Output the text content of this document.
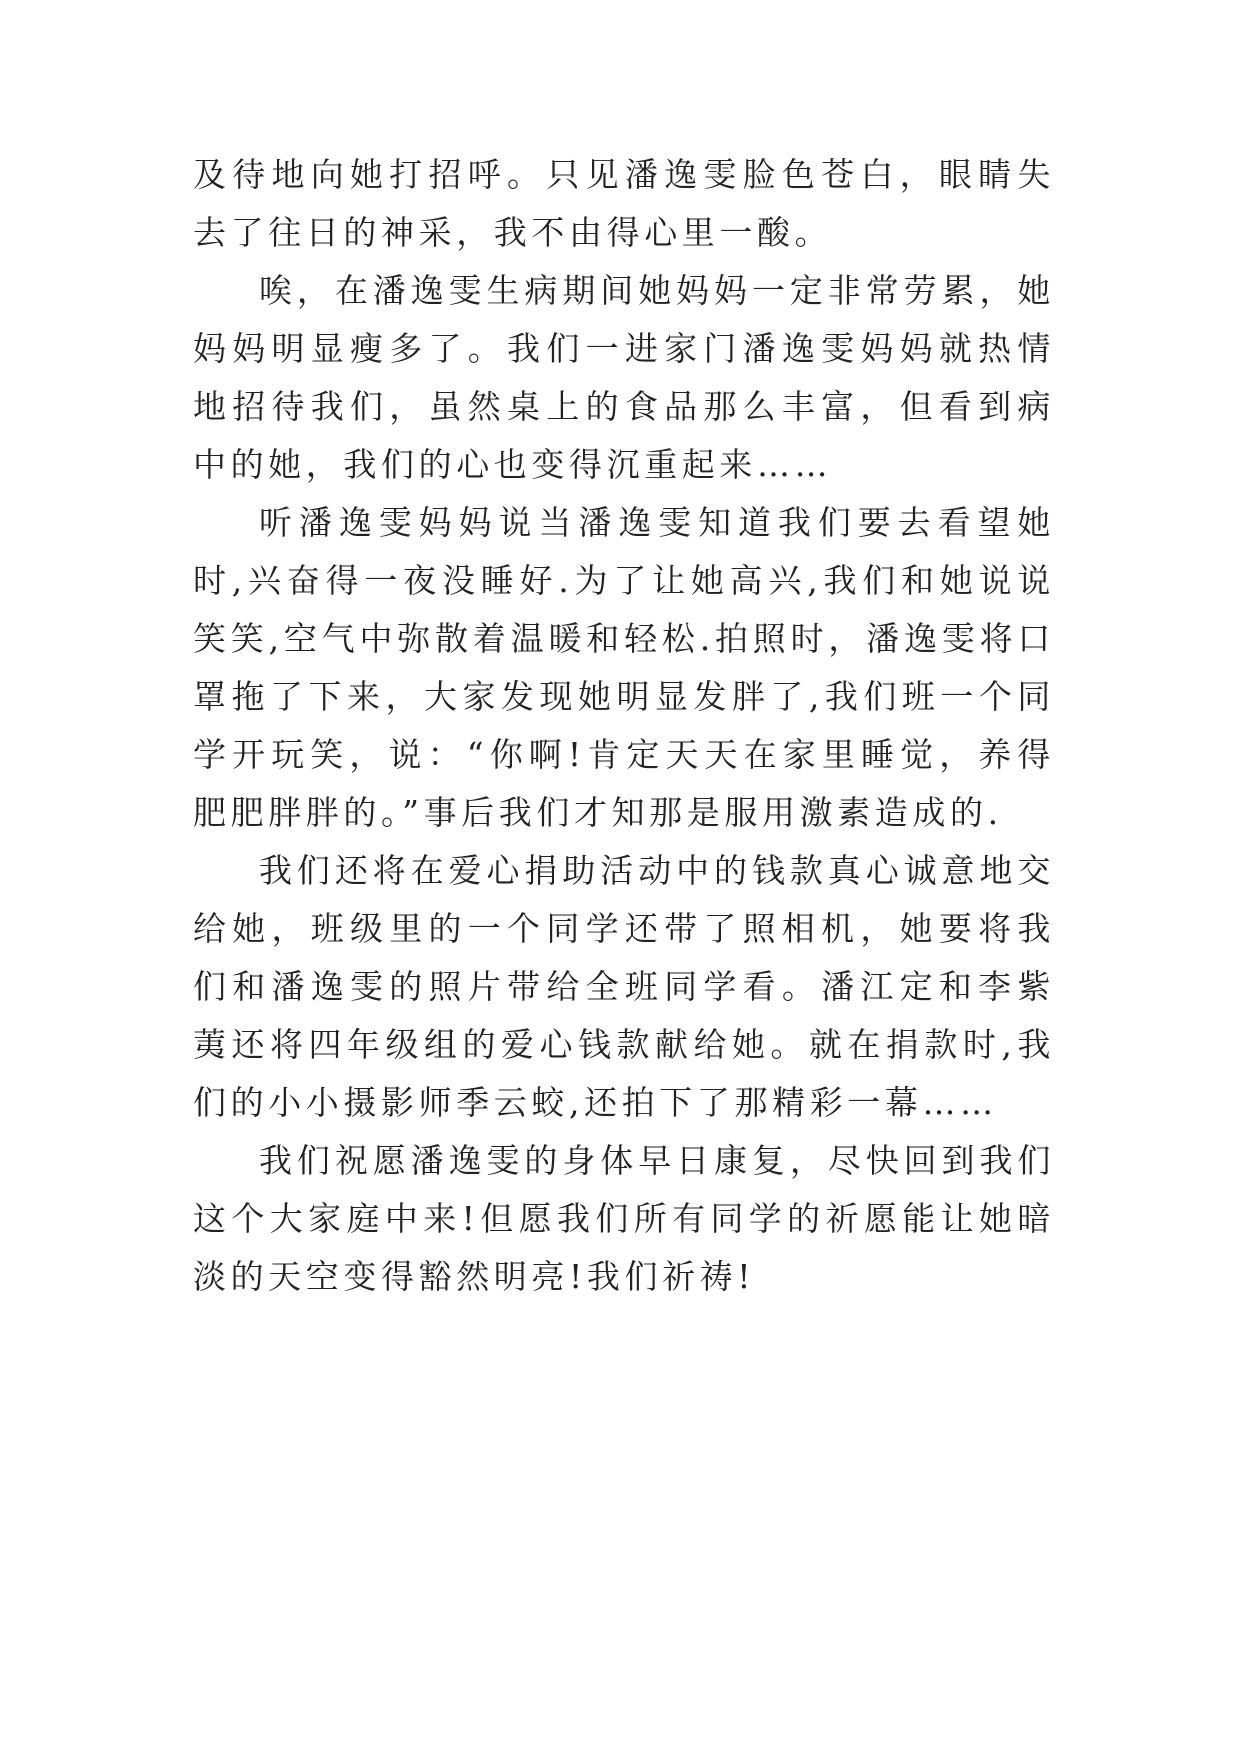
及待地向她打招呼。只见潘逸雯脸色苍白，眼睛失去了往日的神采，我不由得心里一酸。

唉，在潘逸雯生病期间她妈妈一定非常劳累，她妈妈明显瘦多了。我们一进家门潘逸雯妈妈就热情地招待我们，虽然桌上的食品那么丰富，但看到病中的她，我们的心也变得沉重起来……

听潘逸雯妈妈说当潘逸雯知道我们要去看望她时,兴奋得一夜没睡好.为了让她高兴,我们和她说说笑笑,空气中弥散着温暖和轻松.拍照时，潘逸雯将口罩拖了下来，大家发现她明显发胖了,我们班一个同学开玩笑，说：“你啊!肯定天天在家里睡觉，养得肥肥胖胖的。”事后我们才知那是服用激素造成的.

我们还将在爱心捐助活动中的钱款真心诚意地交给她，班级里的一个同学还带了照相机，她要将我们和潘逸雯的照片带给全班同学看。潘江定和李紫荑还将四年级组的爱心钱款献给她。就在捐款时,我们的小小摄影师季云蛟,还拍下了那精彩一幕……

我们祝愿潘逸雯的身体早日康复，尽快回到我们这个大家庭中来!但愿我们所有同学的祈愿能让她暗淡的天空变得豁然明亮!我们祈祷!
